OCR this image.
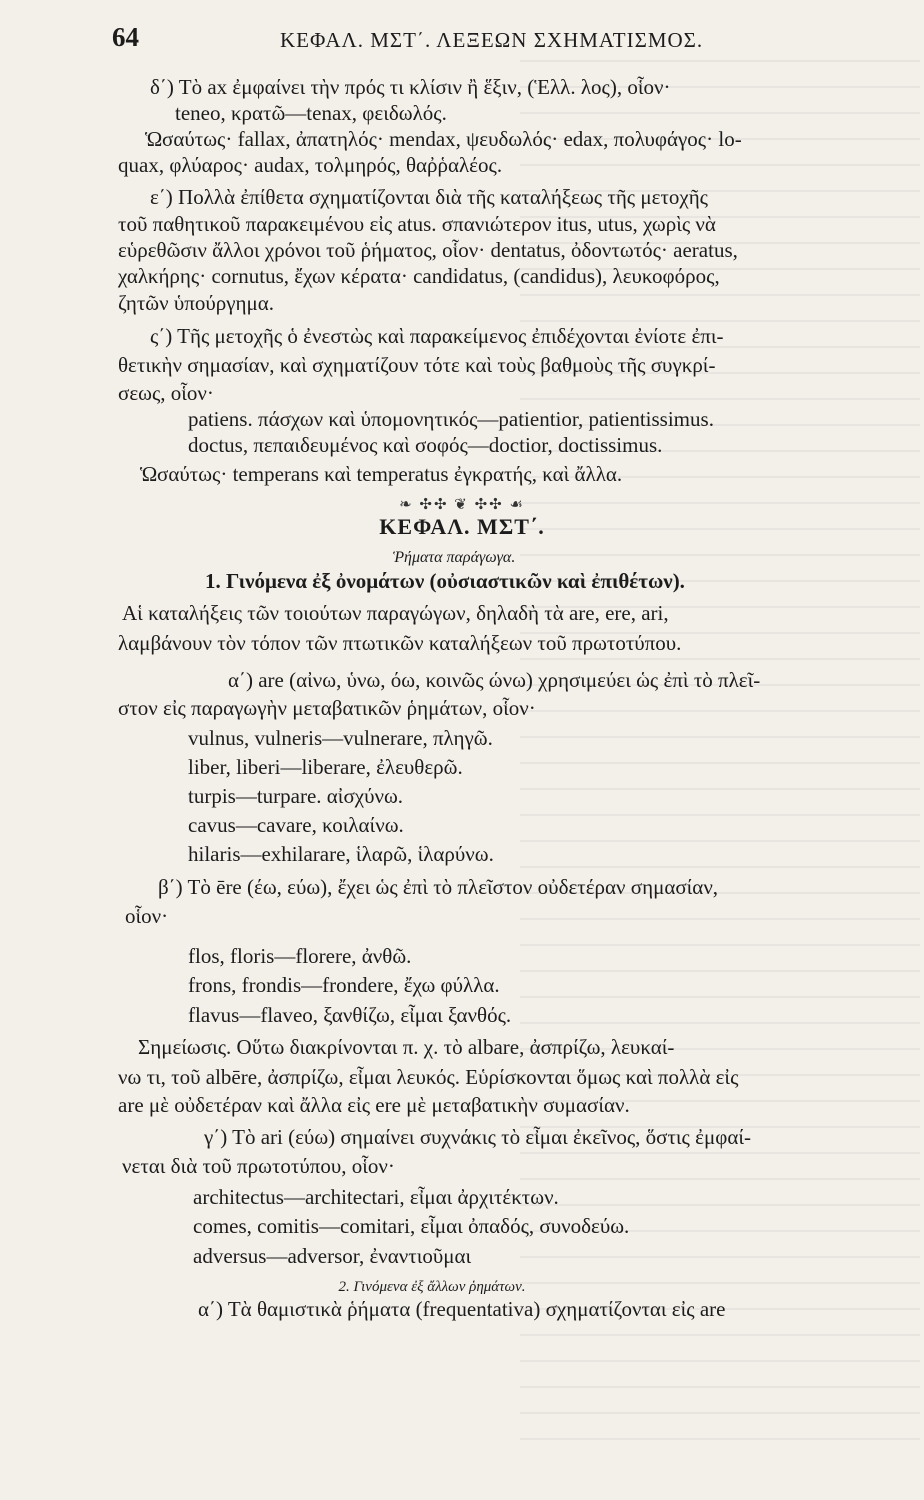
64	ΚΕΦΑΛ. ΜΣΤ΄. ΛΕΞΕΩΝ ΣΧΗΜΑΤΙΣΜΟΣ.
δ΄) Τὸ ax ἐμφαίνει τὴν πρός τι κλίσιν ἢ ἕξιν, (Ἑλλ. λος), οἷον·
teneo, κρατῶ—tenax, φειδωλός.
Ὡσαύτως· fallax, ἀπατηλός· mendax, ψευδωλός· edax, πολυφάγος· lo-
quax, φλύαρος· audax, τολμηρός, θαῤῥαλέος.
ε΄) Πολλὰ ἐπίθετα σχηματίζονται διὰ τῆς καταλήξεως τῆς μετοχῆς
τοῦ παθητικοῦ παρακειμένου εἰς atus. σπανιώτερον itus, utus, χωρὶς νὰ
εὑρεθῶσιν ἄλλοι χρόνοι τοῦ ῥήματος, οἷον· dentatus, ὀδοντωτός· aeratus,
χαλκήρης· cornutus, ἔχων κέρατα· candidatus, (candidus), λευκοφόρος,
ζητῶν ὑπούργημα.
ς΄) Τῆς μετοχῆς ὁ ἐνεστὼς καὶ παρακείμενος ἐπιδέχονται ἐνίοτε ἐπι-
θετικὴν σημασίαν, καὶ σχηματίζουν τότε καὶ τοὺς βαθμοὺς τῆς συγκρί-
σεως, οἷον·
patiens. πάσχων καὶ ὑπομονητικός—patientior, patientissimus.
doctus, πεπαιδευμένος καὶ σοφός—doctior, doctissimus.
Ὡσαύτως· temperans καὶ temperatus ἐγκρατής, καὶ ἄλλα.
❧ ✣✣ ❦ ✣✣ ☙
ΚΕΦΑΛ. ΜΣΤ΄.
Ῥήματα παράγωγα.
1. Γινόμενα ἐξ ὀνομάτων (οὐσιαστικῶν καὶ ἐπιθέτων).
Αἱ καταλήξεις τῶν τοιούτων παραγώγων, δηλαδὴ τὰ are, ere, ari,
λαμβάνουν τὸν τόπον τῶν πτωτικῶν καταλήξεων τοῦ πρωτοτύπου.
α΄) are (αἰνω, ὑνω, όω, κοινῶς ώνω) χρησιμεύει ὡς ἐπὶ τὸ πλεῖ-
στον εἰς παραγωγὴν μεταβατικῶν ῥημάτων, οἷον·
vulnus, vulneris—vulnerare, πληγῶ.
liber, liberi—liberare, ἐλευθερῶ.
turpis—turpare. αἰσχύνω.
cavus—cavare, κοιλαίνω.
hilaris—exhilarare, ἱλαρῶ, ἱλαρύνω.
β΄) Τὸ ēre (έω, εύω), ἔχει ὡς ἐπὶ τὸ πλεῖστον οὐδετέραν σημασίαν,
οἷον·
flos, floris—florere, ἀνθῶ.
frons, frondis—frondere, ἔχω φύλλα.
flavus—flaveo, ξανθίζω, εἶμαι ξανθός.
Σημείωσις. Οὕτω διακρίνονται π. χ. τὸ albare, ἀσπρίζω, λευκαί-
νω τι, τοῦ albēre, ἀσπρίζω, εἶμαι λευκός. Εὑρίσκονται ὅμως καὶ πολλὰ εἰς
are μὲ οὐδετέραν καὶ ἄλλα εἰς ere μὲ μεταβατικὴν συμασίαν.
γ΄) Τὸ ari (εύω) σημαίνει συχνάκις τὸ εἶμαι ἐκεῖνος, ὅστις ἐμφαί-
νεται διὰ τοῦ πρωτοτύπου, οἷον·
architectus—architectari, εἶμαι ἀρχιτέκτων.
comes, comitis—comitari, εἶμαι ὀπαδός, συνοδεύω.
adversus—adversor, ἐναντιοῦμαι
2. Γινόμενα ἐξ ἄλλων ῥημάτων.
α΄) Τὰ θαμιστικὰ ῥήματα (frequentativa) σχηματίζονται εἰς are
